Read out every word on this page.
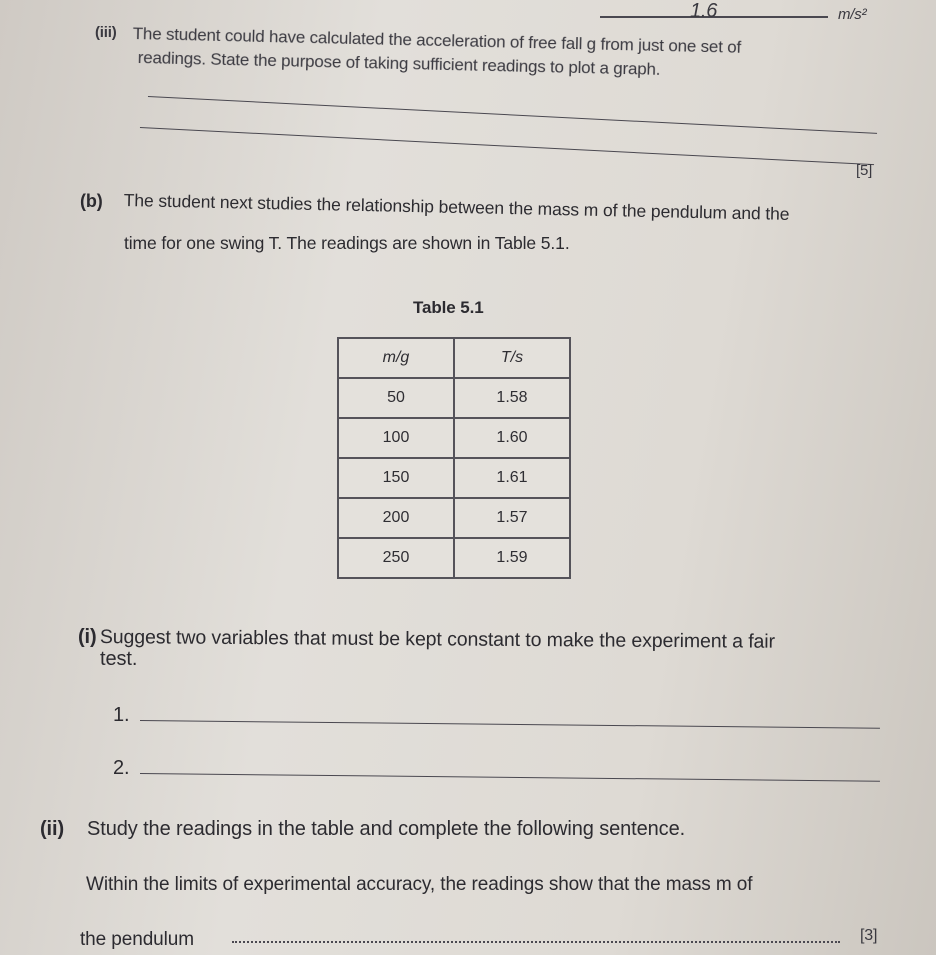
1.6	m/s²
(iii) The student could have calculated the acceleration of free fall g from just one set of
readings. State the purpose of taking sufficient readings to plot a graph.
[5]
(b) The student next studies the relationship between the mass m of the pendulum and the
time for one swing T. The readings are shown in Table 5.1.
Table 5.1
m/g	T/s
50	1.58
100	1.60
150	1.61
200	1.57
250	1.59
(i) Suggest two variables that must be kept constant to make the experiment a fair
test.
1.
2.
(ii) Study the readings in the table and complete the following sentence.
Within the limits of experimental accuracy, the readings show that the mass m of
the pendulum	[3]
